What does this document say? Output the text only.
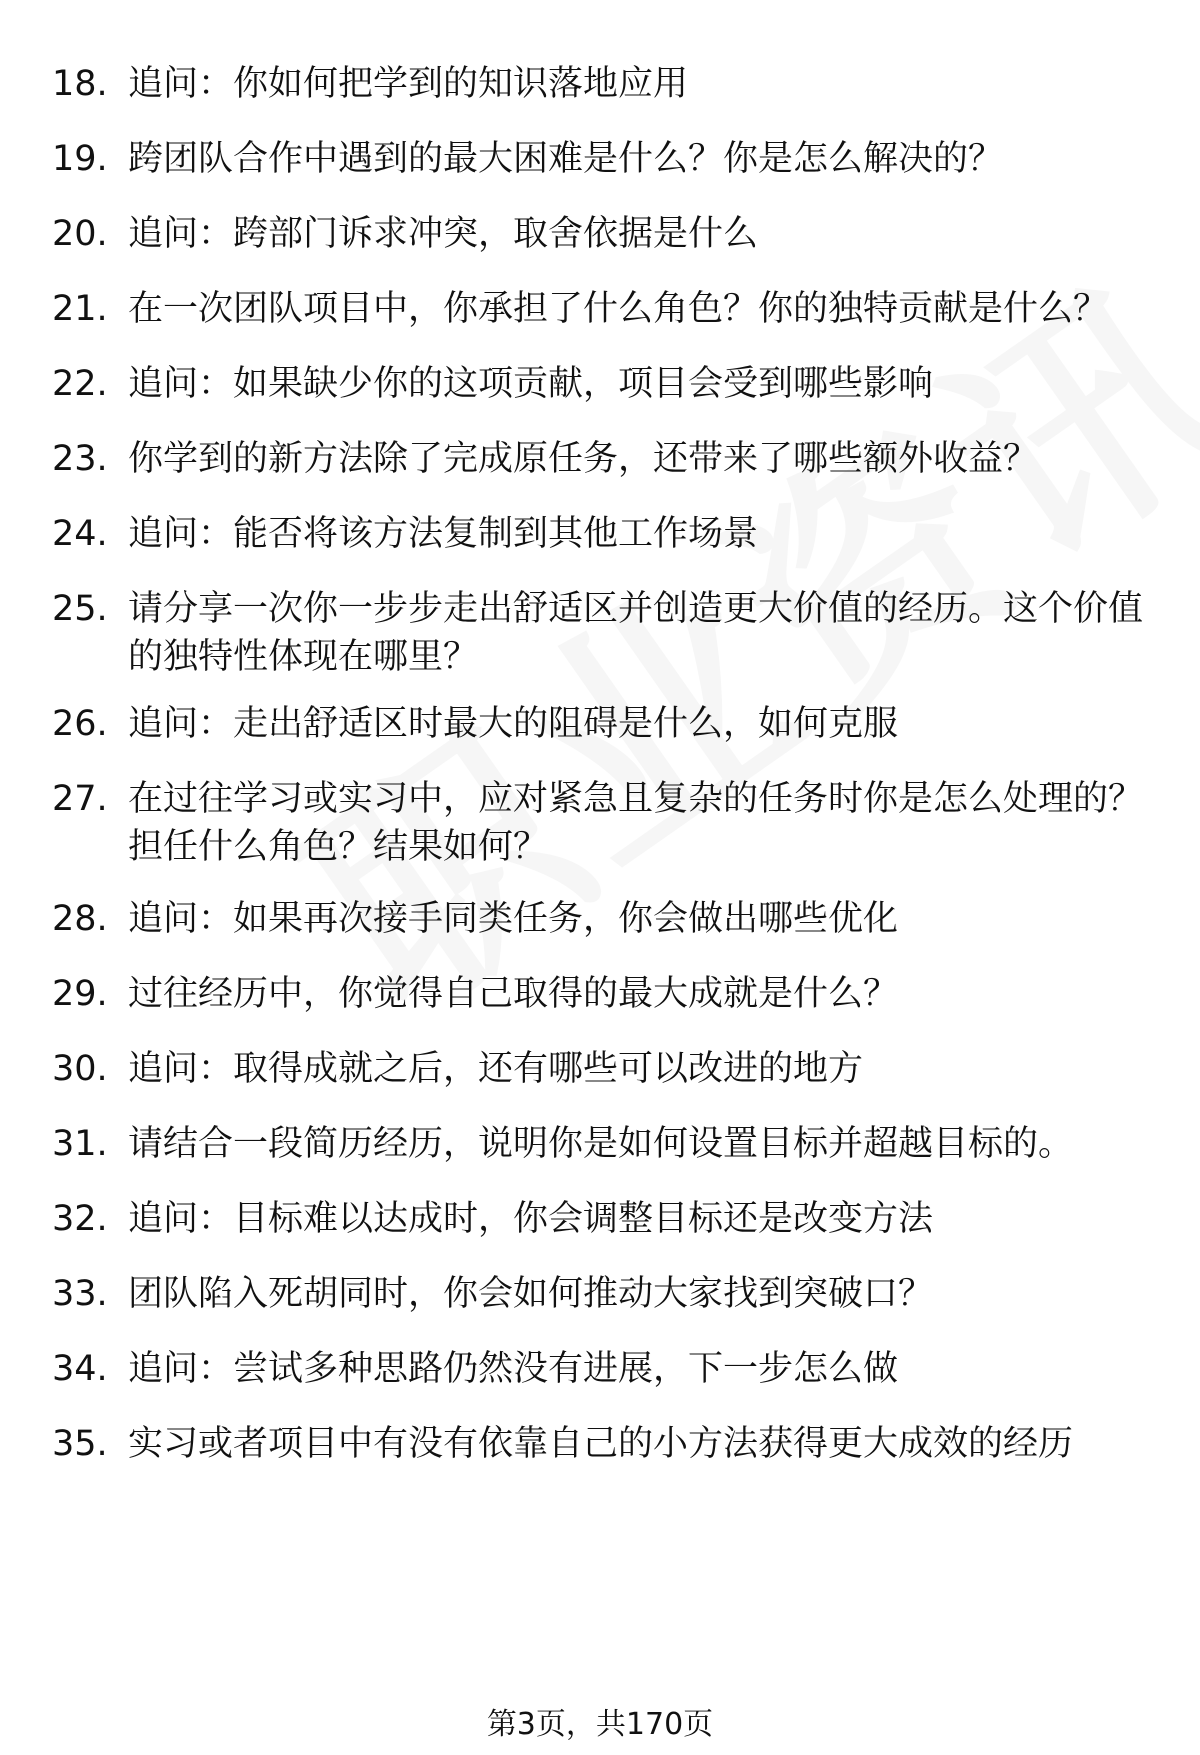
18. 追问：你如何把学到的知识落地应用
19. 跨团队合作中遇到的最大困难是什么？你是怎么解决的？
20. 追问：跨部门诉求冲突，取舍依据是什么
21. 在一次团队项目中，你承担了什么角色？你的独特贡献是什么？
22. 追问：如果缺少你的这项贡献，项目会受到哪些影响
23. 你学到的新方法除了完成原任务，还带来了哪些额外收益？
24. 追问：能否将该方法复制到其他工作场景
25. 请分享一次你一步步走出舒适区并创造更大价值的经历。这个价值的独特性体现在哪里？
26. 追问：走出舒适区时最大的阻碍是什么，如何克服
27. 在过往学习或实习中，应对紧急且复杂的任务时你是怎么处理的？担任什么角色？结果如何？
28. 追问：如果再次接手同类任务，你会做出哪些优化
29. 过往经历中，你觉得自己取得的最大成就是什么？
30. 追问：取得成就之后，还有哪些可以改进的地方
31. 请结合一段简历经历，说明你是如何设置目标并超越目标的。
32. 追问：目标难以达成时，你会调整目标还是改变方法
33. 团队陷入死胡同时，你会如何推动大家找到突破口？
34. 追问：尝试多种思路仍然没有进展，下一步怎么做
35. 实习或者项目中有没有依靠自己的小方法获得更大成效的经历
第3页，共170页
